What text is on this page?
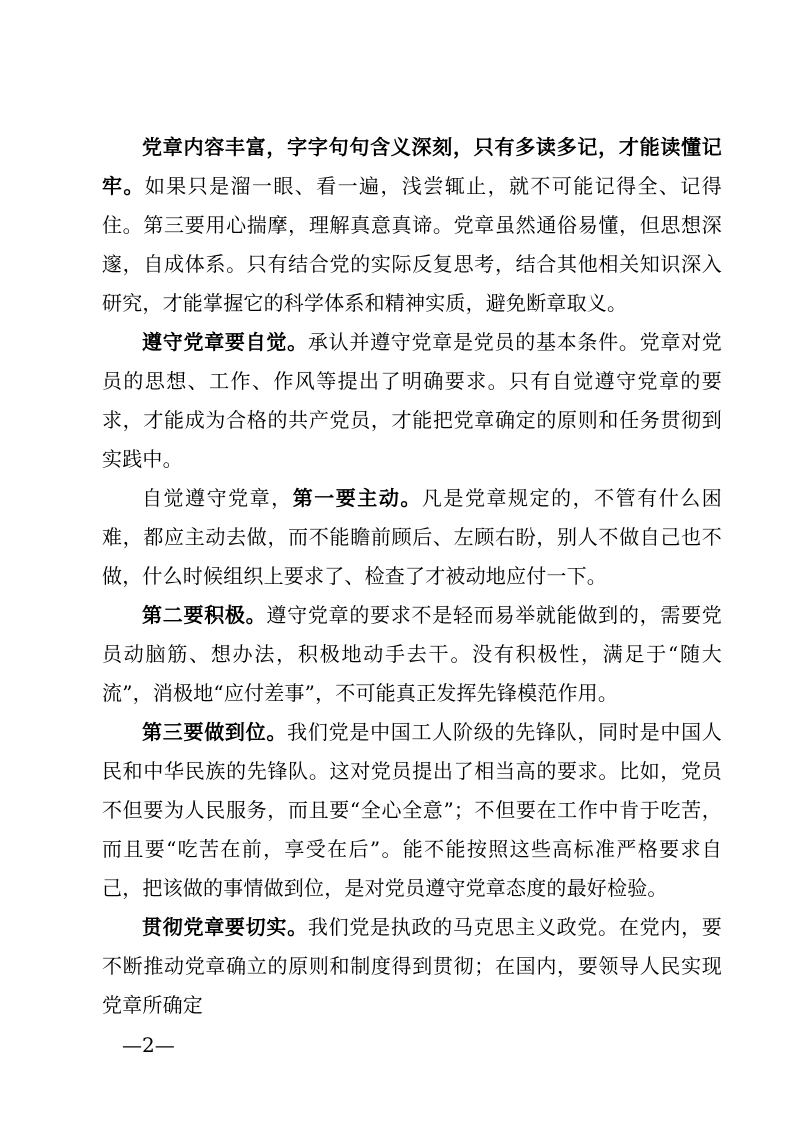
党章内容丰富，字字句句含义深刻，只有多读多记，才能读懂记牢。如果只是溜一眼、看一遍，浅尝辄止，就不可能记得全、记得住。第三要用心揣摩，理解真意真谛。党章虽然通俗易懂，但思想深邃，自成体系。只有结合党的实际反复思考，结合其他相关知识深入研究，才能掌握它的科学体系和精神实质，避免断章取义。

遵守党章要自觉。承认并遵守党章是党员的基本条件。党章对党员的思想、工作、作风等提出了明确要求。只有自觉遵守党章的要求，才能成为合格的共产党员，才能把党章确定的原则和任务贯彻到实践中。

自觉遵守党章，第一要主动。凡是党章规定的，不管有什么困难，都应主动去做，而不能瞻前顾后、左顾右盼，别人不做自己也不做，什么时候组织上要求了、检查了才被动地应付一下。

第二要积极。遵守党章的要求不是轻而易举就能做到的，需要党员动脑筋、想办法，积极地动手去干。没有积极性，满足于“随大流”，消极地“应付差事”，不可能真正发挥先锋模范作用。

第三要做到位。我们党是中国工人阶级的先锋队，同时是中国人民和中华民族的先锋队。这对党员提出了相当高的要求。比如，党员不但要为人民服务，而且要“全心全意”；不但要在工作中肯于吃苦，而且要“吃苦在前，享受在后”。能不能按照这些高标准严格要求自己，把该做的事情做到位，是对党员遵守党章态度的最好检验。

贯彻党章要切实。我们党是执政的马克思主义政党。在党内，要不断推动党章确立的原则和制度得到贯彻；在国内，要领导人民实现党章所确定

—2—
